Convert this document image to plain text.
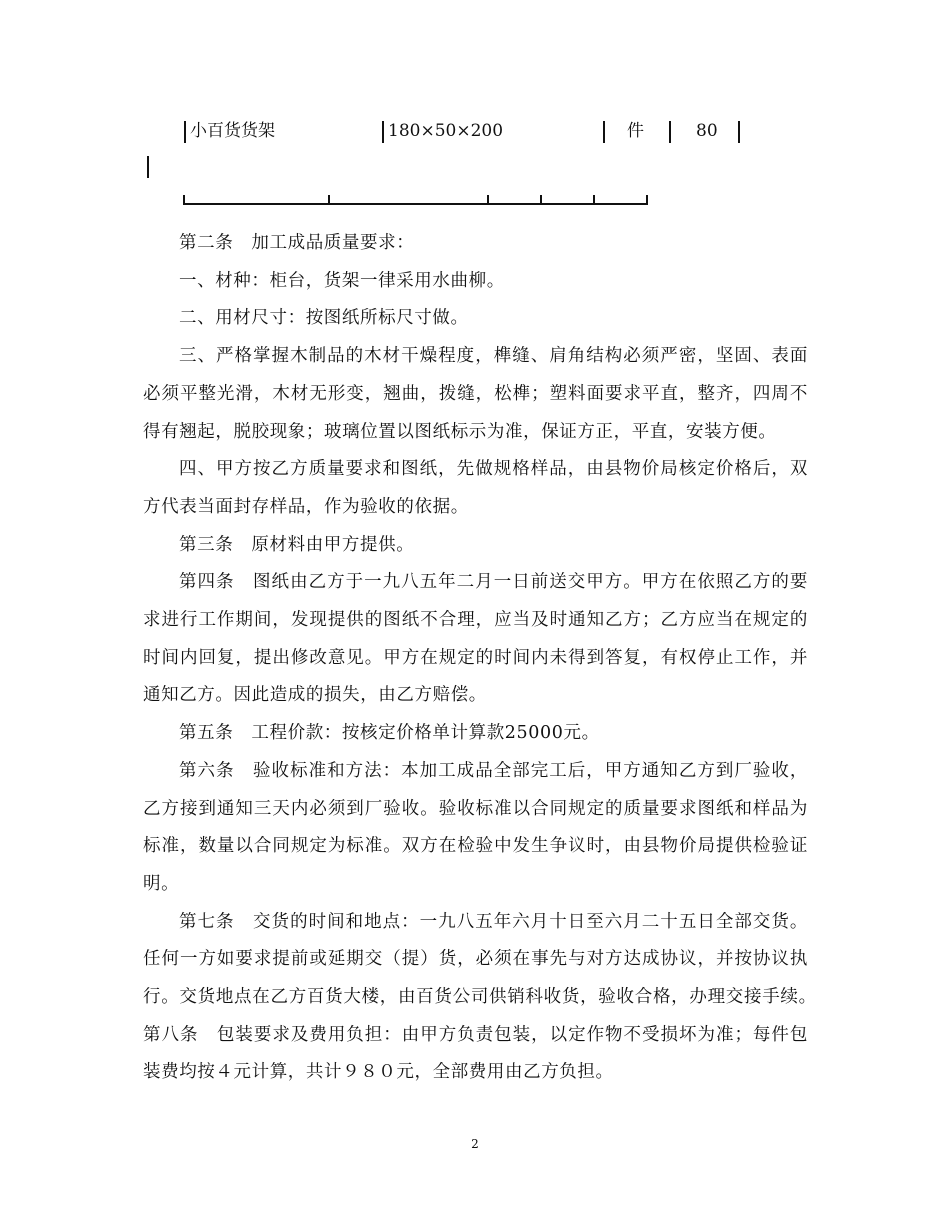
小百货货架	180×50×200	件	80

第二条　加工成品质量要求：

一、材种：柜台，货架一律采用水曲柳。

二、用材尺寸：按图纸所标尺寸做。

三、严格掌握木制品的木材干燥程度，榫缝、肩角结构必须严密，坚固、表面必须平整光滑，木材无形变，翘曲，拨缝，松榫；塑料面要求平直，整齐，四周不得有翘起，脱胶现象；玻璃位置以图纸标示为准，保证方正，平直，安装方便。

四、甲方按乙方质量要求和图纸，先做规格样品，由县物价局核定价格后，双方代表当面封存样品，作为验收的依据。

第三条　原材料由甲方提供。

第四条　图纸由乙方于一九八五年二月一日前送交甲方。甲方在依照乙方的要求进行工作期间，发现提供的图纸不合理，应当及时通知乙方；乙方应当在规定的时间内回复，提出修改意见。甲方在规定的时间内未得到答复，有权停止工作，并通知乙方。因此造成的损失，由乙方赔偿。

第五条　工程价款：按核定价格单计算款25000元。

第六条　验收标准和方法：本加工成品全部完工后，甲方通知乙方到厂验收，乙方接到通知三天内必须到厂验收。验收标准以合同规定的质量要求图纸和样品为标准，数量以合同规定为标准。双方在检验中发生争议时，由县物价局提供检验证明。

第七条　交货的时间和地点：一九八五年六月十日至六月二十五日全部交货。任何一方如要求提前或延期交（提）货，必须在事先与对方达成协议，并按协议执行。交货地点在乙方百货大楼，由百货公司供销科收货，验收合格，办理交接手续。　第八条　包装要求及费用负担：由甲方负责包装，以定作物不受损坏为准；每件包装费均按４元计算，共计９８０元，全部费用由乙方负担。

2
